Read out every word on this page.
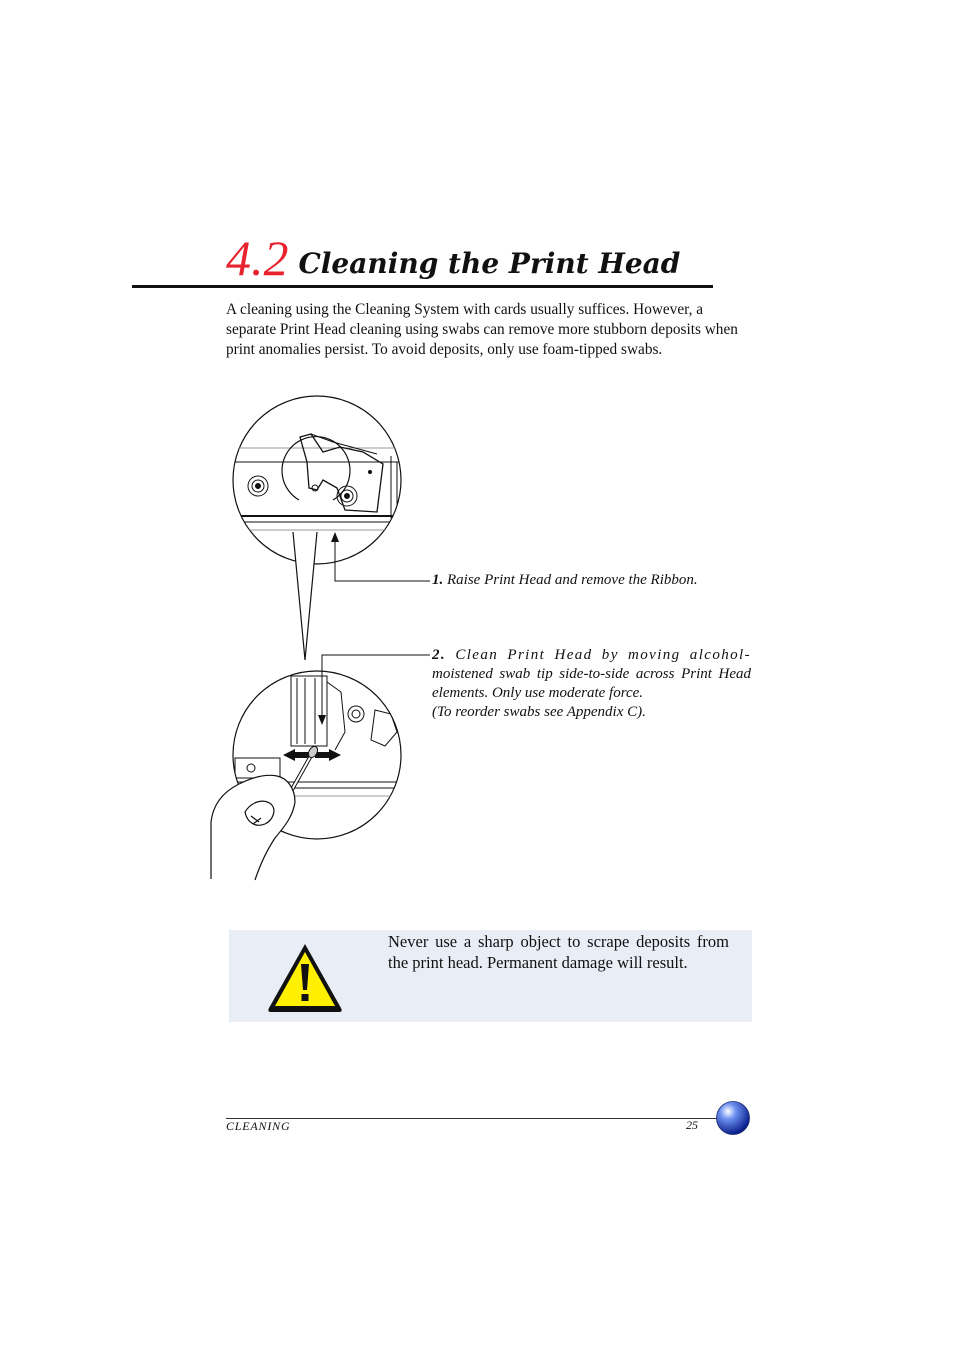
4.2 Cleaning the Print Head

A cleaning using the Cleaning System with cards usually suffices. However, a separate Print Head cleaning using swabs can remove more stubborn deposits when print anomalies persist. To avoid deposits, only use foam-tipped swabs.

1. Raise Print Head and remove the Ribbon.

2. Clean Print Head by moving alcohol- moistened swab tip side-to-side across Print Head elements. Only use moderate force.
(To reorder swabs see Appendix C).

Never use a sharp object to scrape deposits from the print head. Permanent damage will result.

CLEANING	25
